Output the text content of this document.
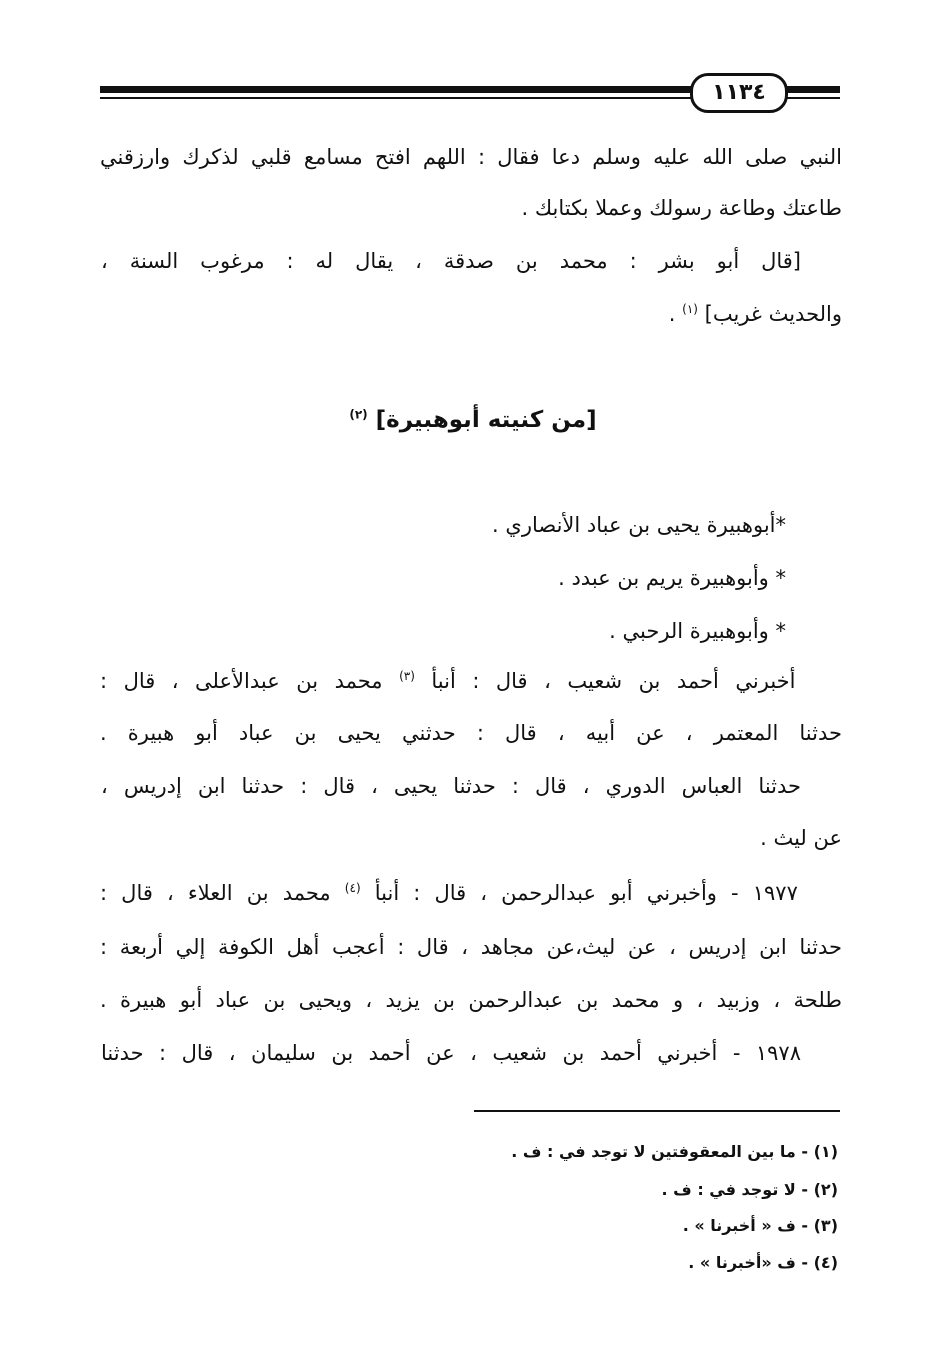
١١٣٤
النبي صلى الله عليه وسلم دعا فقال : اللهم افتح مسامع قلبي لذكرك وارزقني
طاعتك وطاعة رسولك وعملا بكتابك .
[قال أبو بشر : محمد بن صدقة ، يقال له : مرغوب السنة ،
والحديث غريب] $^{(١)}$ .
[من كنيته أبوهبيرة] $^{(٢)}$
*أبوهبيرة يحيى بن عباد الأنصاري .
* وأبوهبيرة يريم بن عبدد .
* وأبوهبيرة الرحبي .
أخبرني أحمد بن شعيب ، قال : أنبأ $^{(٣)}$ محمد بن عبدالأعلى ، قال :
حدثنا المعتمر ، عن أبيه ، قال : حدثني يحيى بن عباد أبو هبيرة .
حدثنا العباس الدوري ، قال : حدثنا يحيى ، قال : حدثنا ابن إدريس ،
عن ليث .
١٩٧٧ - وأخبرني أبو عبدالرحمن ، قال : أنبأ $^{(٤)}$ محمد بن العلاء ، قال :
حدثنا ابن إدريس ، عن ليث،عن مجاهد ، قال : أعجب أهل الكوفة إلي أربعة :
طلحة ، وزبيد ، و محمد بن عبدالرحمن بن يزيد ، ويحيى بن عباد أبو هبيرة .
١٩٧٨ - أخبرني أحمد بن شعيب ، عن أحمد بن سليمان ، قال : حدثنا
(١) - ما بين المعقوفتين لا توجد في : ف .
(٢) - لا توجد في : ف .
(٣) - ف « أخبرنا » .
(٤) - ف «أخبرنا » .
